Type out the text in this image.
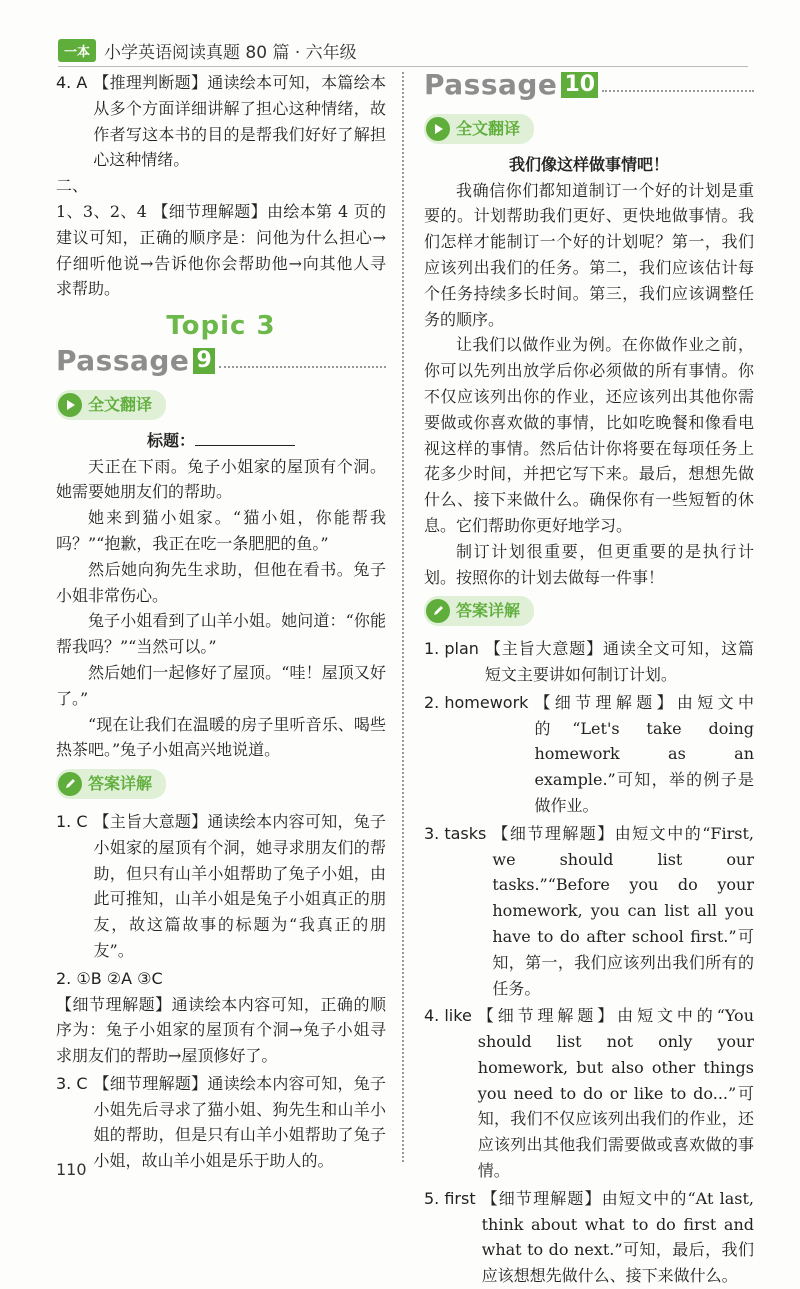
一本 小学英语阅读真题 80 篇 · 六年级
4. A 【推理判断题】通读绘本可知，本篇绘本从多个方面详细讲解了担心这种情绪，故作者写这本书的目的是帮我们好好了解担心这种情绪。
二、
1、3、2、4 【细节理解题】由绘本第 4 页的建议可知，正确的顺序是：问他为什么担心→仔细听他说→告诉他你会帮助他→向其他人寻求帮助。
Topic 3
Passage 9
全文翻译
标题：
天正在下雨。兔子小姐家的屋顶有个洞。她需要她朋友们的帮助。
她来到猫小姐家。“猫小姐，你能帮我吗？”“抱歉，我正在吃一条肥肥的鱼。”
然后她向狗先生求助，但他在看书。兔子小姐非常伤心。
兔子小姐看到了山羊小姐。她问道：“你能帮我吗？”“当然可以。”
然后她们一起修好了屋顶。“哇！屋顶又好了。”
“现在让我们在温暖的房子里听音乐、喝些热茶吧。”兔子小姐高兴地说道。
答案详解
1. C 【主旨大意题】通读绘本内容可知，兔子小姐家的屋顶有个洞，她寻求朋友们的帮助，但只有山羊小姐帮助了兔子小姐，由此可推知，山羊小姐是兔子小姐真正的朋友，故这篇故事的标题为“我真正的朋友”。
2. ①B ②A ③C
【细节理解题】通读绘本内容可知，正确的顺序为：兔子小姐家的屋顶有个洞→兔子小姐寻求朋友们的帮助→屋顶修好了。
3. C 【细节理解题】通读绘本内容可知，兔子小姐先后寻求了猫小姐、狗先生和山羊小姐的帮助，但是只有山羊小姐帮助了兔子小姐，故山羊小姐是乐于助人的。
Passage 10
全文翻译
我们像这样做事情吧！
我确信你们都知道制订一个好的计划是重要的。计划帮助我们更好、更快地做事情。我们怎样才能制订一个好的计划呢？第一，我们应该列出我们的任务。第二，我们应该估计每个任务持续多长时间。第三，我们应该调整任务的顺序。
让我们以做作业为例。在你做作业之前，你可以先列出放学后你必须做的所有事情。你不仅应该列出你的作业，还应该列出其他你需要做或你喜欢做的事情，比如吃晚餐和像看电视这样的事情。然后估计你将要在每项任务上花多少时间，并把它写下来。最后，想想先做什么、接下来做什么。确保你有一些短暂的休息。它们帮助你更好地学习。
制订计划很重要，但更重要的是执行计划。按照你的计划去做每一件事！
答案详解
1. plan 【主旨大意题】通读全文可知，这篇短文主要讲如何制订计划。
2. homework 【细节理解题】由短文中的“Let's take doing homework as an example.”可知，举的例子是做作业。
3. tasks 【细节理解题】由短文中的“First, we should list our tasks.”“Before you do your homework, you can list all you have to do after school first.”可知，第一，我们应该列出我们所有的任务。
4. like 【细节理解题】由短文中的“You should list not only your homework, but also other things you need to do or like to do...”可知，我们不仅应该列出我们的作业，还应该列出其他我们需要做或喜欢做的事情。
5. first 【细节理解题】由短文中的“At last, think about what to do first and what to do next.”可知，最后，我们应该想想先做什么、接下来做什么。
110
